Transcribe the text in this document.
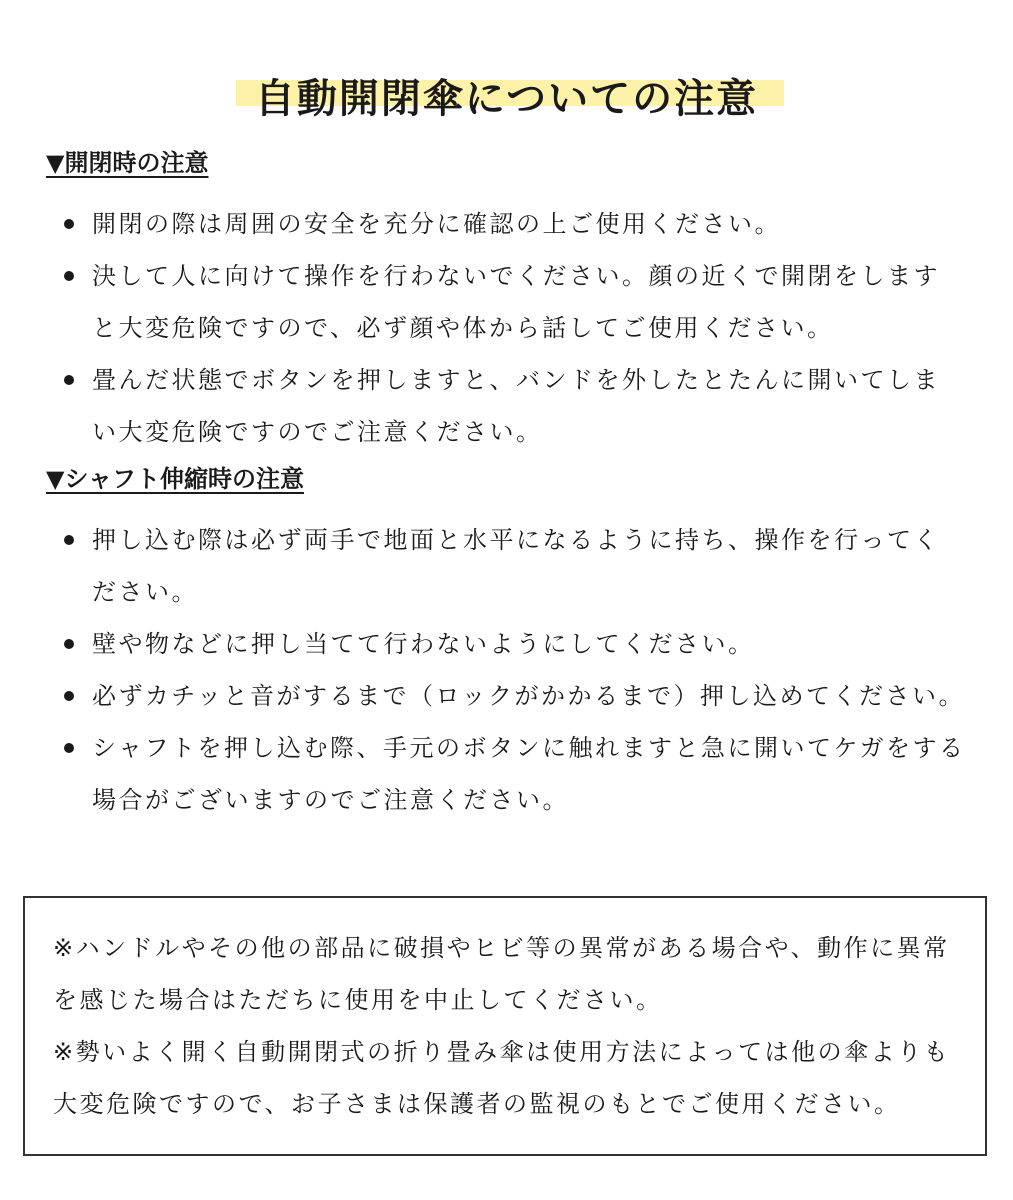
自動開閉傘についての注意
▼開閉時の注意
開閉の際は周囲の安全を充分に確認の上ご使用ください。
決して人に向けて操作を行わないでください。顔の近くで開閉をしますと大変危険ですので、必ず顔や体から話してご使用ください。
畳んだ状態でボタンを押しますと、バンドを外したとたんに開いてしまい大変危険ですのでご注意ください。
▼シャフト伸縮時の注意
押し込む際は必ず両手で地面と水平になるように持ち、操作を行ってください。
壁や物などに押し当てて行わないようにしてください。
必ずカチッと音がするまで（ロックがかかるまで）押し込めてください。
シャフトを押し込む際、手元のボタンに触れますと急に開いてケガをする場合がございますのでご注意ください。

※ハンドルやその他の部品に破損やヒビ等の異常がある場合や、動作に異常を感じた場合はただちに使用を中止してください。

※勢いよく開く自動開閉式の折り畳み傘は使用方法によっては他の傘よりも大変危険ですので、お子さまは保護者の監視のもとでご使用ください。
